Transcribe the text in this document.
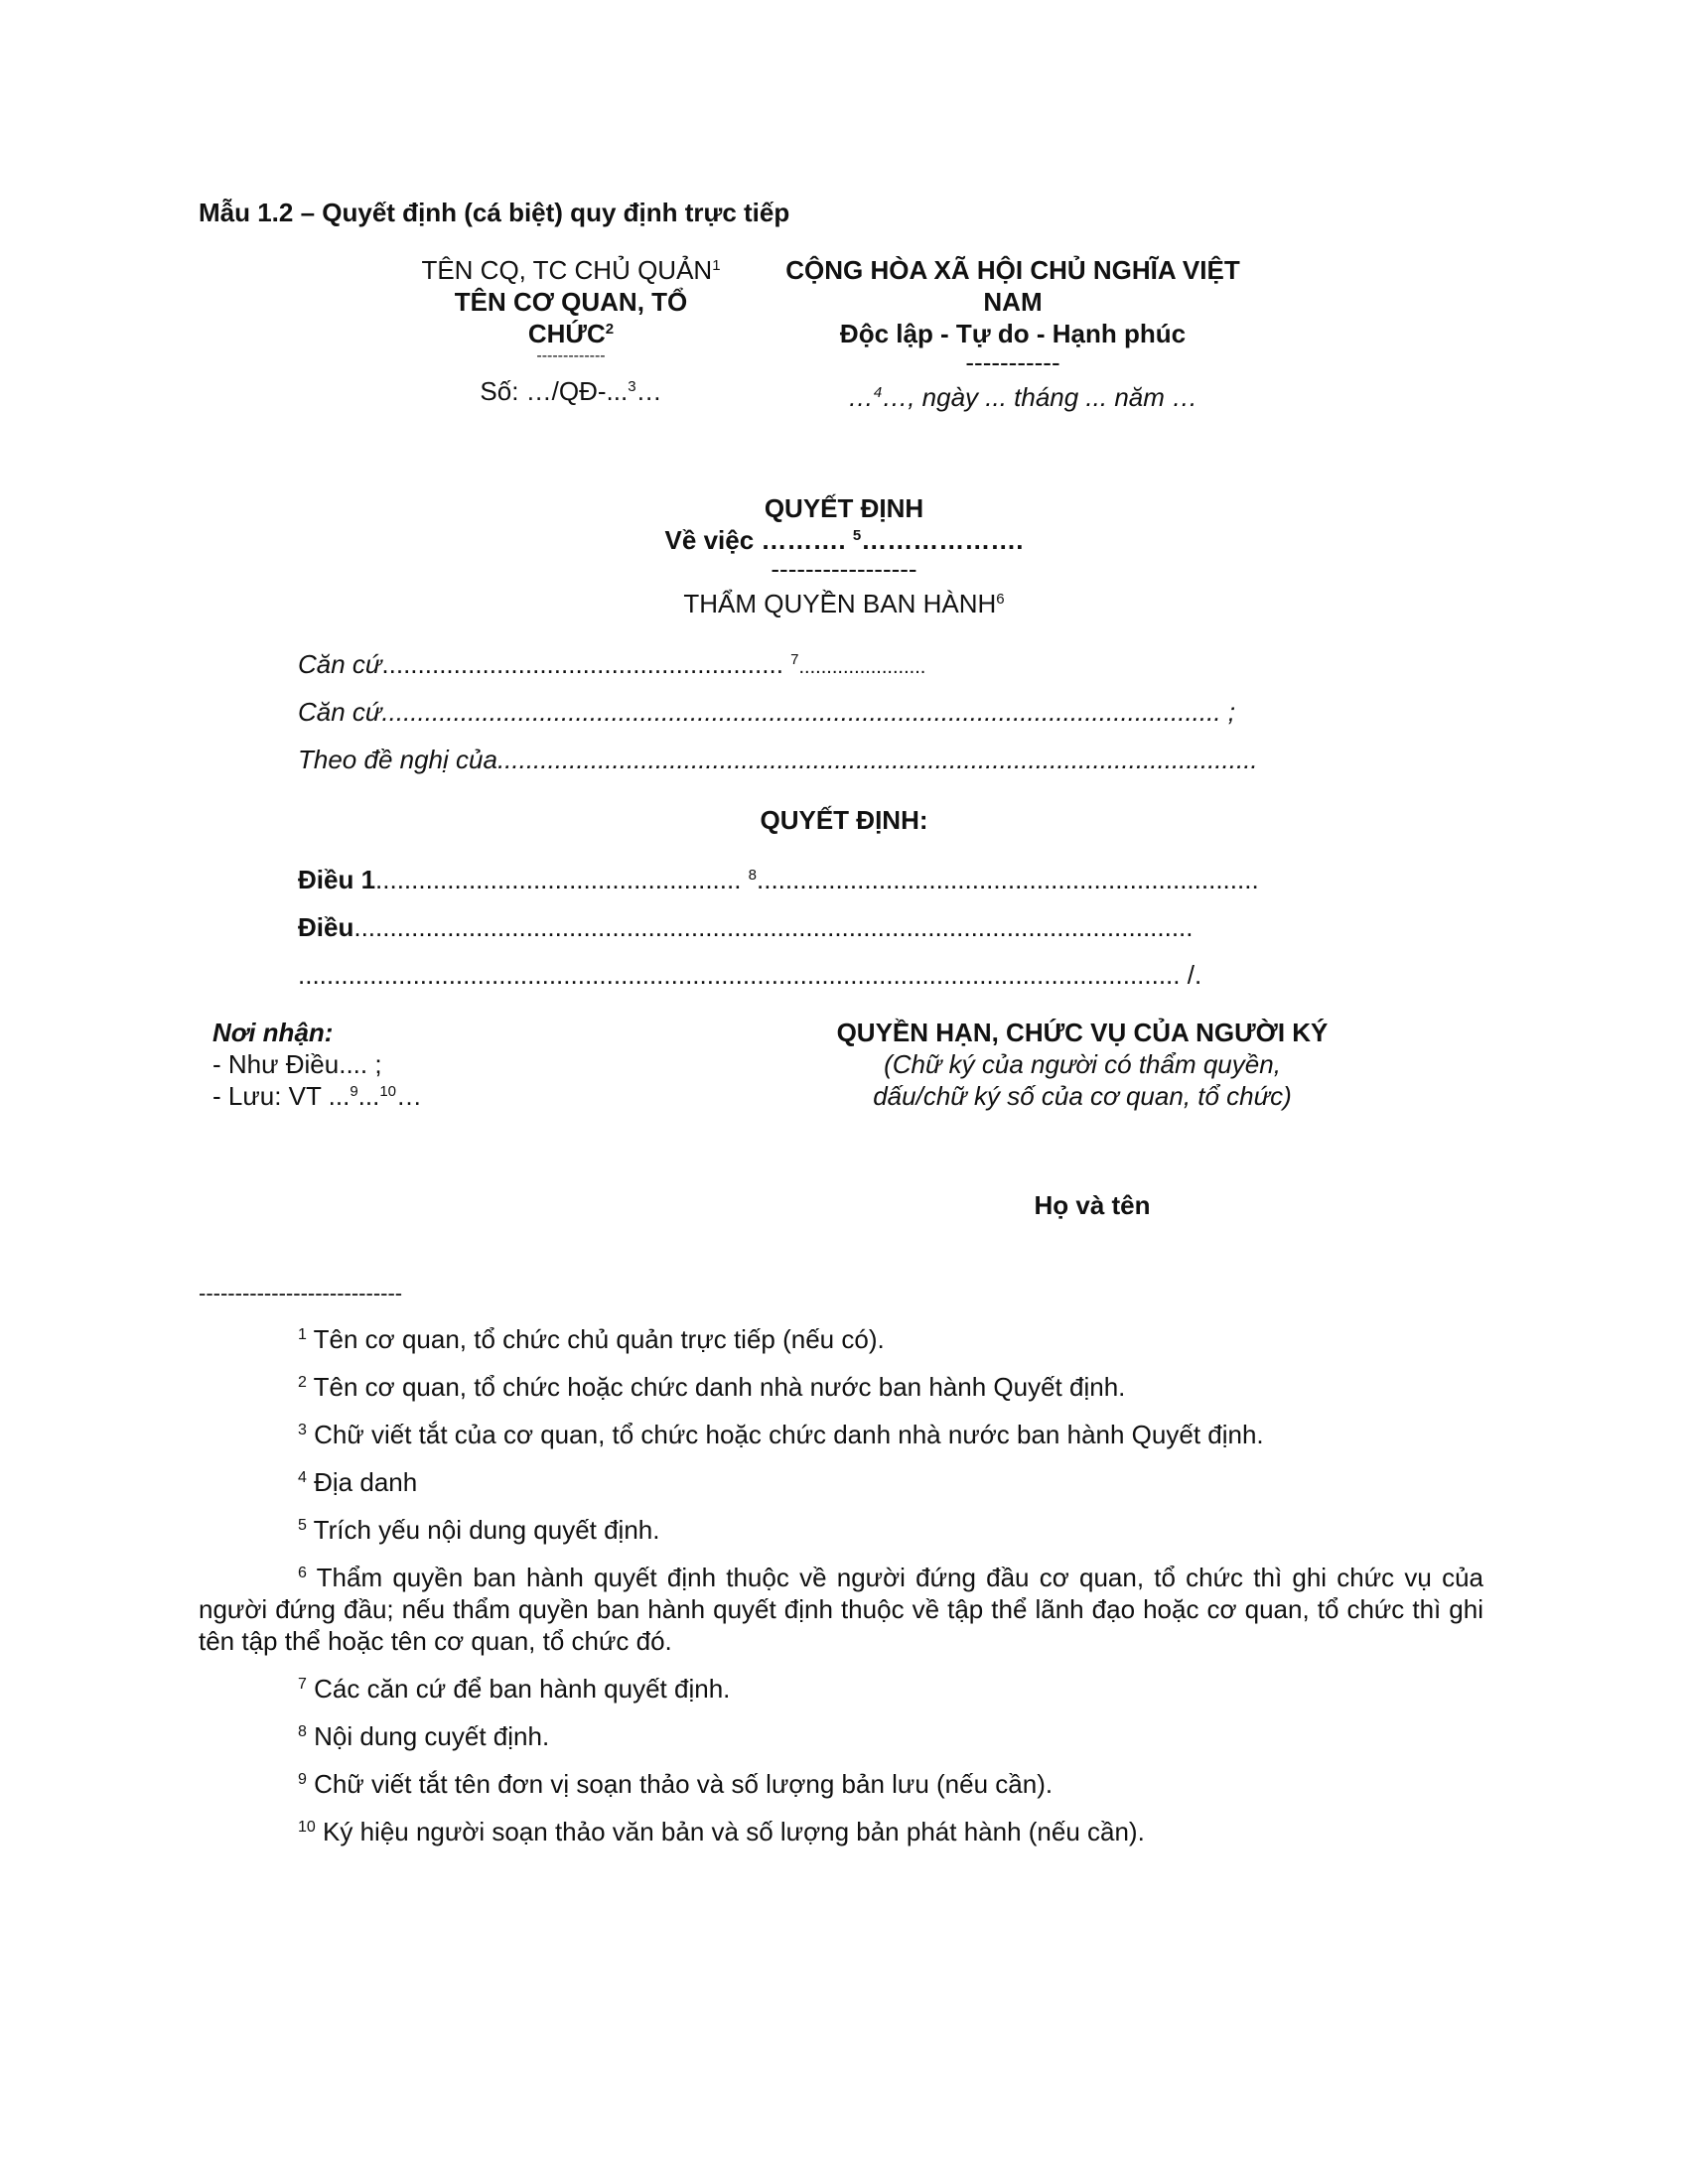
Mẫu 1.2 – Quyết định (cá biệt) quy định trực tiếp
TÊN CQ, TC CHỦ QUẢN$^1$
TÊN CƠ QUAN, TỔ
CHỨC$^2$
-------------
Số: …/QĐ-...$^3$…
CỘNG HÒA XÃ HỘI CHỦ NGHĨA VIỆT
NAM
Độc lập - Tự do - Hạnh phúc
-----------
…$^4$…, ngày ... tháng ... năm …
QUYẾT ĐỊNH
Về việc ………. $^5$……………….
-----------------
THẨM QUYỀN BAN HÀNH$^6$
Căn cứ........................................................ $^7$.......................
Căn cứ..................................................................................................................... ;
Theo đề nghị của..........................................................................................................
QUYẾT ĐỊNH:
Điều 1................................................... $^8$......................................................................
Điều.....................................................................................................................
........................................................................................................................... /.
Nơi nhận:
- Như Điều.... ;
- Lưu: VT ...$^9$...$^{10}$…
QUYỀN HẠN, CHỨC VỤ CỦA NGƯỜI KÝ
(Chữ ký của người có thẩm quyền,
dấu/chữ ký số của cơ quan, tổ chức)
Họ và tên
----------------------------
$^1$ Tên cơ quan, tổ chức chủ quản trực tiếp (nếu có).
$^2$ Tên cơ quan, tổ chức hoặc chức danh nhà nước ban hành Quyết định.
$^3$ Chữ viết tắt của cơ quan, tổ chức hoặc chức danh nhà nước ban hành Quyết định.
$^4$ Địa danh
$^5$ Trích yếu nội dung quyết định.
$^6$ Thẩm quyền ban hành quyết định thuộc về người đứng đầu cơ quan, tổ chức thì ghi chức vụ của người đứng đầu; nếu thẩm quyền ban hành quyết định thuộc về tập thể lãnh đạo hoặc cơ quan, tổ chức thì ghi tên tập thể hoặc tên cơ quan, tổ chức đó.
$^7$ Các căn cứ để ban hành quyết định.
$^8$ Nội dung cuyết định.
$^9$ Chữ viết tắt tên đơn vị soạn thảo và số lượng bản lưu (nếu cần).
$^{10}$ Ký hiệu người soạn thảo văn bản và số lượng bản phát hành (nếu cần).
